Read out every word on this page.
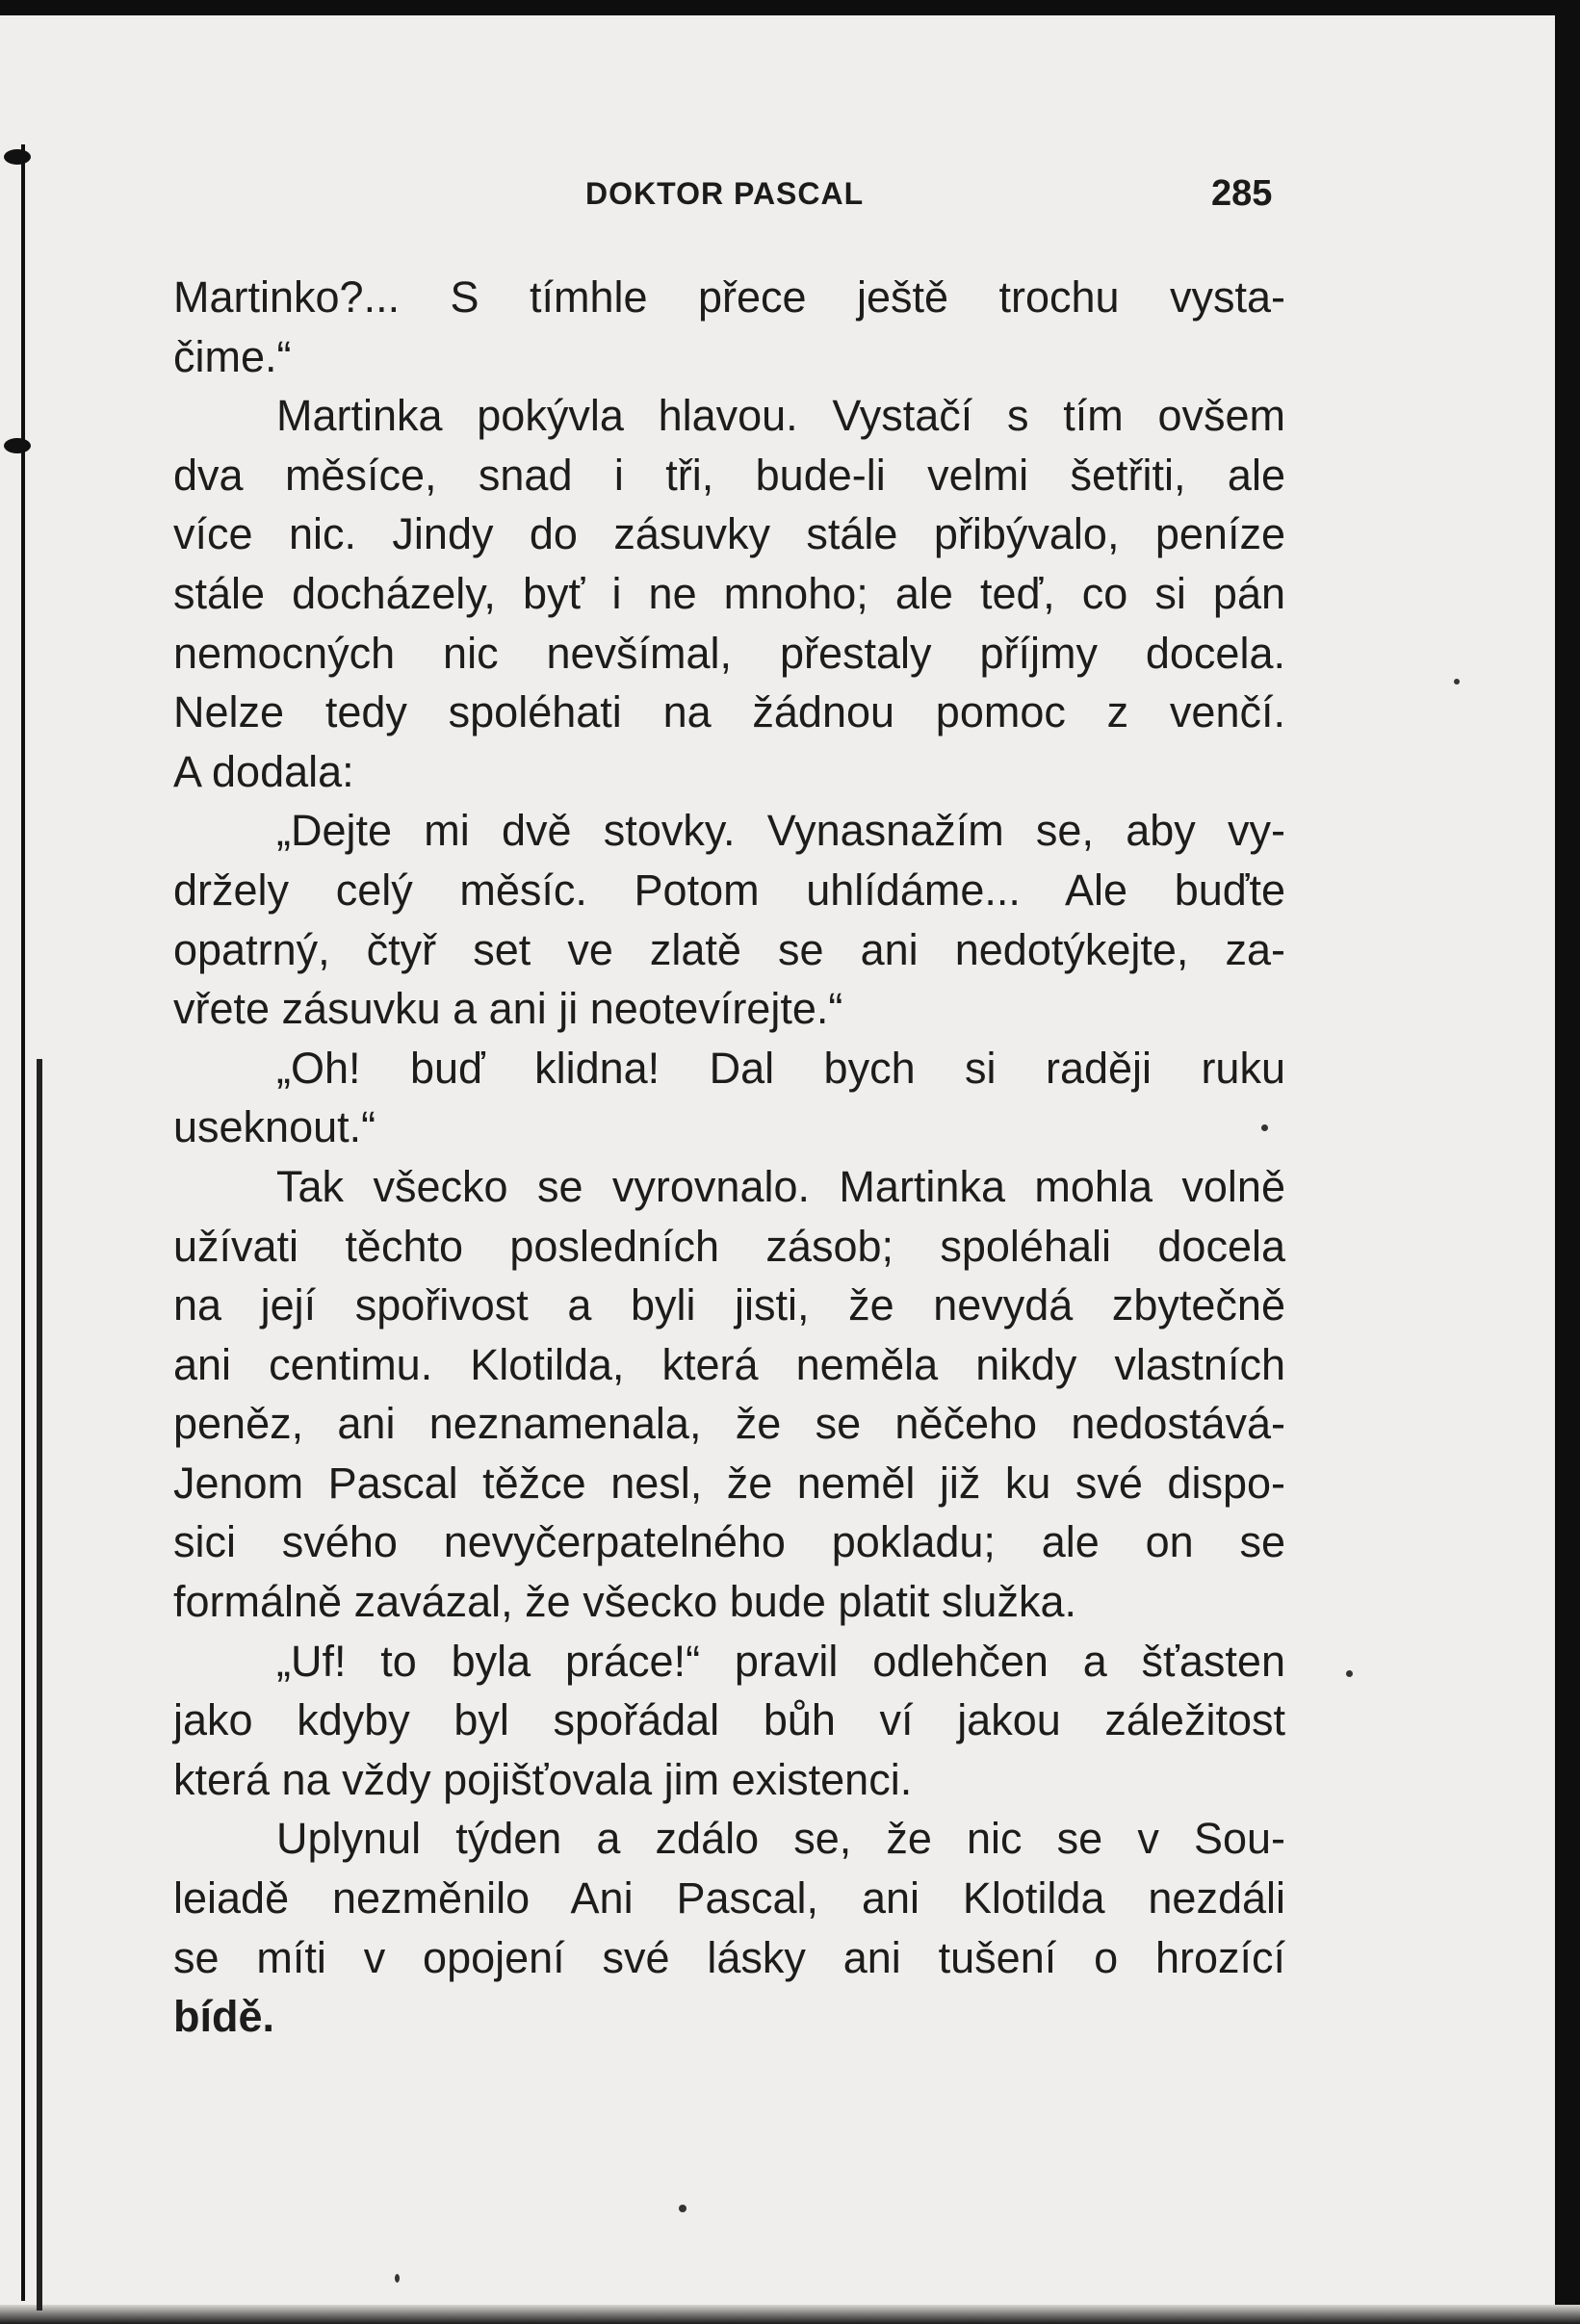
DOKTOR PASCAL	285
Martinko?... S tímhle přece ještě trochu vysta-
čime.“
Martinka pokývla hlavou. Vystačí s tím ovšem
dva měsíce, snad i tři, bude-li velmi šetřiti, ale
více nic. Jindy do zásuvky stále přibývalo, peníze
stále docházely, byť i ne mnoho; ale teď, co si pán
nemocných nic nevšímal, přestaly příjmy docela.
Nelze tedy spoléhati na žádnou pomoc z venčí.
A dodala:
„Dejte mi dvě stovky. Vynasnažím se, aby vy-
držely celý měsíc. Potom uhlídáme... Ale buďte
opatrný, čtyř set ve zlatě se ani nedotýkejte, za-
vřete zásuvku a ani ji neotevírejte.“
„Oh! buď klidna! Dal bych si raději ruku
useknout.“
Tak všecko se vyrovnalo. Martinka mohla volně
užívati těchto posledních zásob; spoléhali docela
na její spořivost a byli jisti, že nevydá zbytečně
ani centimu. Klotilda, která neměla nikdy vlastních
peněz, ani neznamenala, že se něčeho nedostává-
Jenom Pascal těžce nesl, že neměl již ku své dispo-
sici svého nevyčerpatelného pokladu; ale on se
formálně zavázal, že všecko bude platit služka.
„Uf! to byla práce!“ pravil odlehčen a šťasten
jako kdyby byl spořádal bůh ví jakou záležitost
která na vždy pojišťovala jim existenci.
Uplynul týden a zdálo se, že nic se v Sou-
leiadě nezměnilo Ani Pascal, ani Klotilda nezdáli
se míti v opojení své lásky ani tušení o hrozící
bídě.
